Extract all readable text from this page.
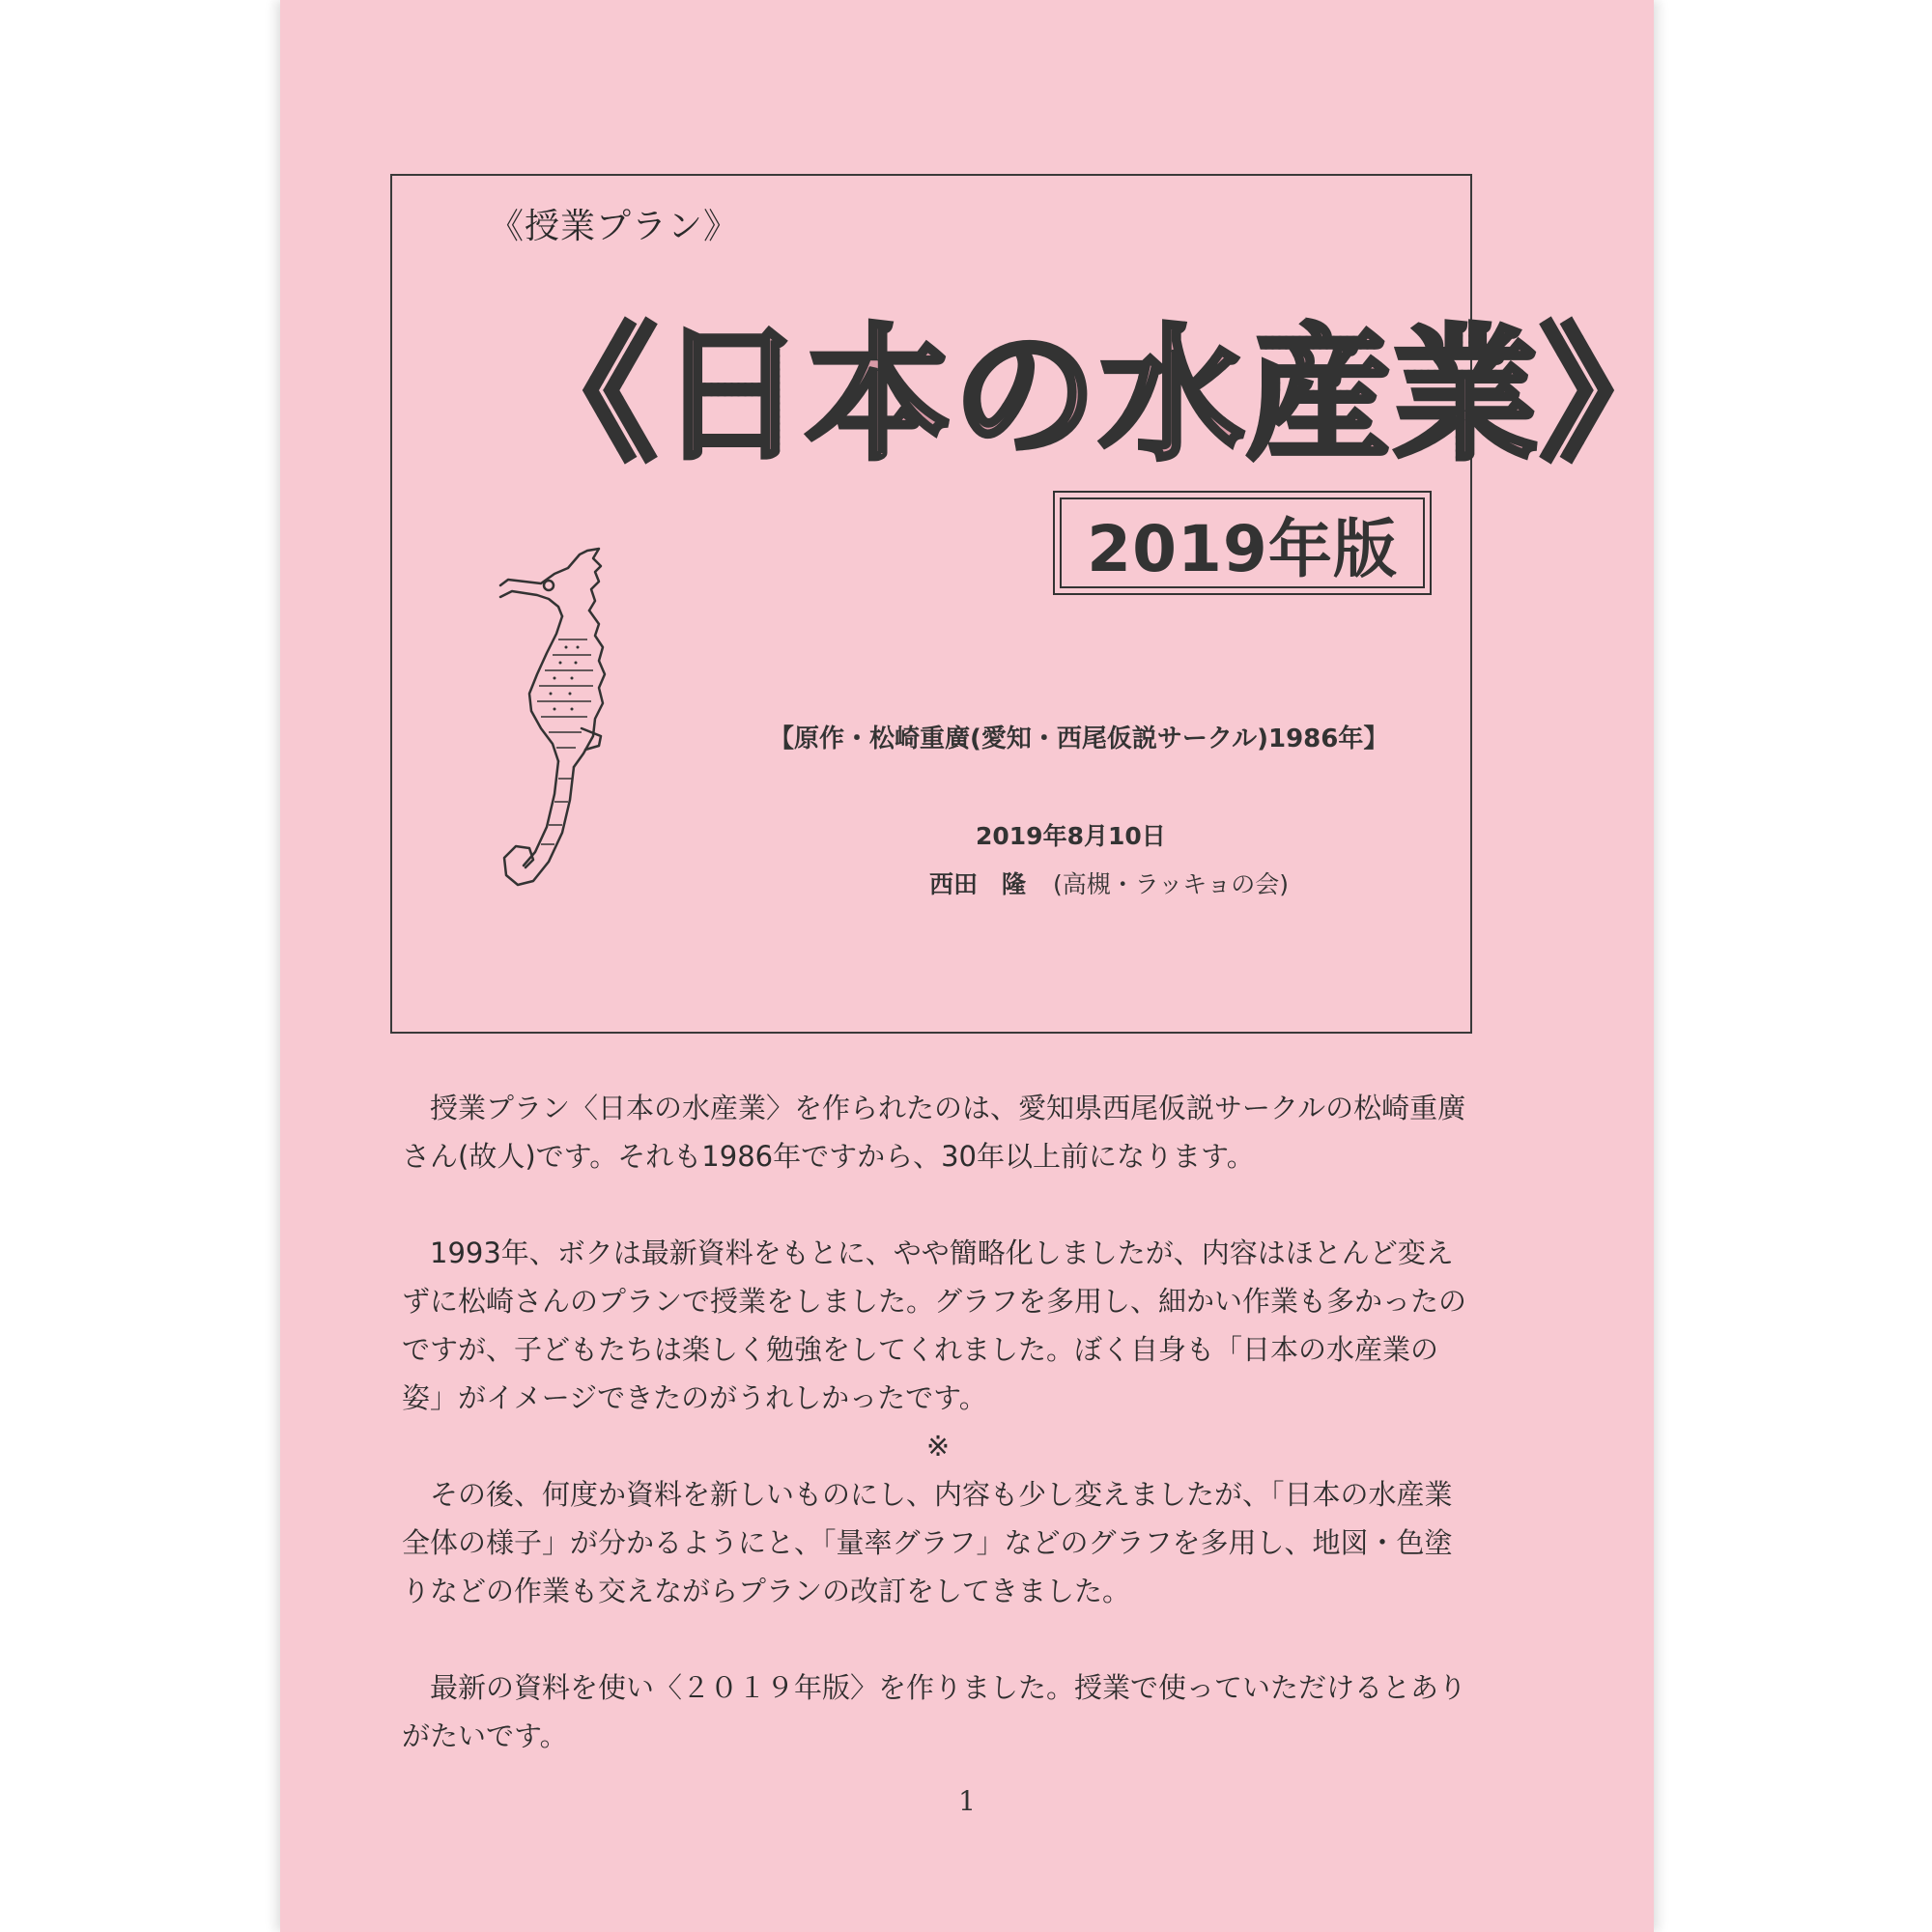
《授業プラン》
《日本の水産業》
2019年版
【原作・松崎重廣(愛知・西尾仮説サークル)1986年】
2019年8月10日
西田　隆 (高槻・ラッキョの会)

授業プラン〈日本の水産業〉を作られたのは、愛知県西尾仮説サークルの松崎重廣さん(故人)です。それも1986年ですから、30年以上前になります。

1993年、ボクは最新資料をもとに、やや簡略化しましたが、内容はほとんど変えずに松崎さんのプランで授業をしました。グラフを多用し、細かい作業も多かったのですが、子どもたちは楽しく勉強をしてくれました。ぼく自身も「日本の水産業の姿」がイメージできたのがうれしかったです。

※

その後、何度か資料を新しいものにし、内容も少し変えましたが、「日本の水産業全体の様子」が分かるようにと、「量率グラフ」などのグラフを多用し、地図・色塗りなどの作業も交えながらプランの改訂をしてきました。

最新の資料を使い〈２０１９年版〉を作りました。授業で使っていただけるとありがたいです。

1
